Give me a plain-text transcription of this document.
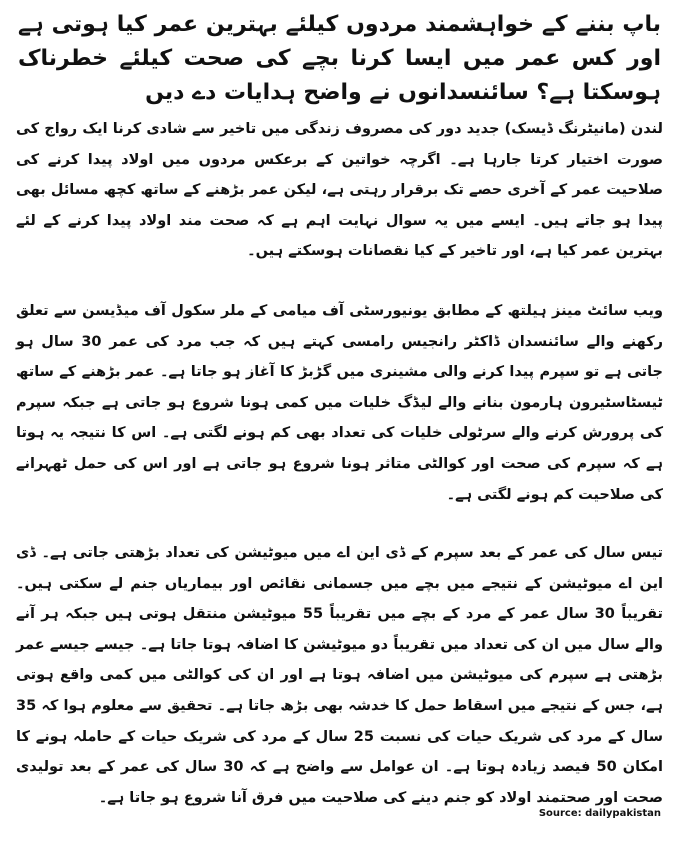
باپ بننے کے خواہشمند مردوں کیلئے بہترین عمر کیا ہوتی ہے اور کس عمر میں ایسا کرنا بچے کی صحت کیلئے خطرناک ہوسکتا ہے؟ سائنسدانوں نے واضح ہدایات دے دیں

لندن (مانیٹرنگ ڈیسک) جدید دور کی مصروف زندگی میں تاخیر سے شادی کرنا ایک رواج کی صورت اختیار کرتا جارہا ہے۔ اگرچہ خواتین کے برعکس مردوں میں اولاد پیدا کرنے کی صلاحیت عمر کے آخری حصے تک برقرار رہتی ہے، لیکن عمر بڑھنے کے ساتھ کچھ مسائل بھی پیدا ہو جاتے ہیں۔ ایسے میں یہ سوال نہایت اہم ہے کہ صحت مند اولاد پیدا کرنے کے لئے بہترین عمر کیا ہے، اور تاخیر کے کیا نقصانات ہوسکتے ہیں۔

ویب سائٹ مینز ہیلتھ کے مطابق یونیورسٹی آف میامی کے ملر سکول آف میڈیسن سے تعلق رکھنے والے سائنسدان ڈاکٹر رانجیس رامسی کہتے ہیں کہ جب مرد کی عمر 30 سال ہو جاتی ہے تو سپرم پیدا کرنے والی مشینری میں گڑبڑ کا آغاز ہو جاتا ہے۔ عمر بڑھنے کے ساتھ ٹیسٹاسٹیرون ہارمون بنانے والے لیڈگ خلیات میں کمی ہونا شروع ہو جاتی ہے جبکہ سپرم کی پرورش کرنے والے سرٹولی خلیات کی تعداد بھی کم ہونے لگتی ہے۔ اس کا نتیجہ یہ ہوتا ہے کہ سپرم کی صحت اور کوالٹی متاثر ہونا شروع ہو جاتی ہے اور اس کی حمل ٹھہرانے کی صلاحیت کم ہونے لگتی ہے۔

تیس سال کی عمر کے بعد سپرم کے ڈی این اے میں میوٹیشن کی تعداد بڑھتی جاتی ہے۔ ڈی این اے میوٹیشن کے نتیجے میں بچے میں جسمانی نقائص اور بیماریاں جنم لے سکتی ہیں۔ تقریباً 30 سال عمر کے مرد کے بچے میں تقریباً 55 میوٹیشن منتقل ہوتی ہیں جبکہ ہر آنے والے سال میں ان کی تعداد میں تقریباً دو میوٹیشن کا اضافہ ہوتا جاتا ہے۔ جیسے جیسے عمر بڑھتی ہے سپرم کی میوٹیشن میں اضافہ ہوتا ہے اور ان کی کوالٹی میں کمی واقع ہوتی ہے، جس کے نتیجے میں اسقاط حمل کا خدشہ بھی بڑھ جاتا ہے۔ تحقیق سے معلوم ہوا کہ 35 سال کے مرد کی شریک حیات کی نسبت 25 سال کے مرد کی شریک حیات کے حاملہ ہونے کا امکان 50 فیصد زیادہ ہوتا ہے۔ ان عوامل سے واضح ہے کہ 30 سال کی عمر کے بعد تولیدی صحت اور صحتمند اولاد کو جنم دینے کی صلاحیت میں فرق آنا شروع ہو جاتا ہے۔

Source: dailypakistan
